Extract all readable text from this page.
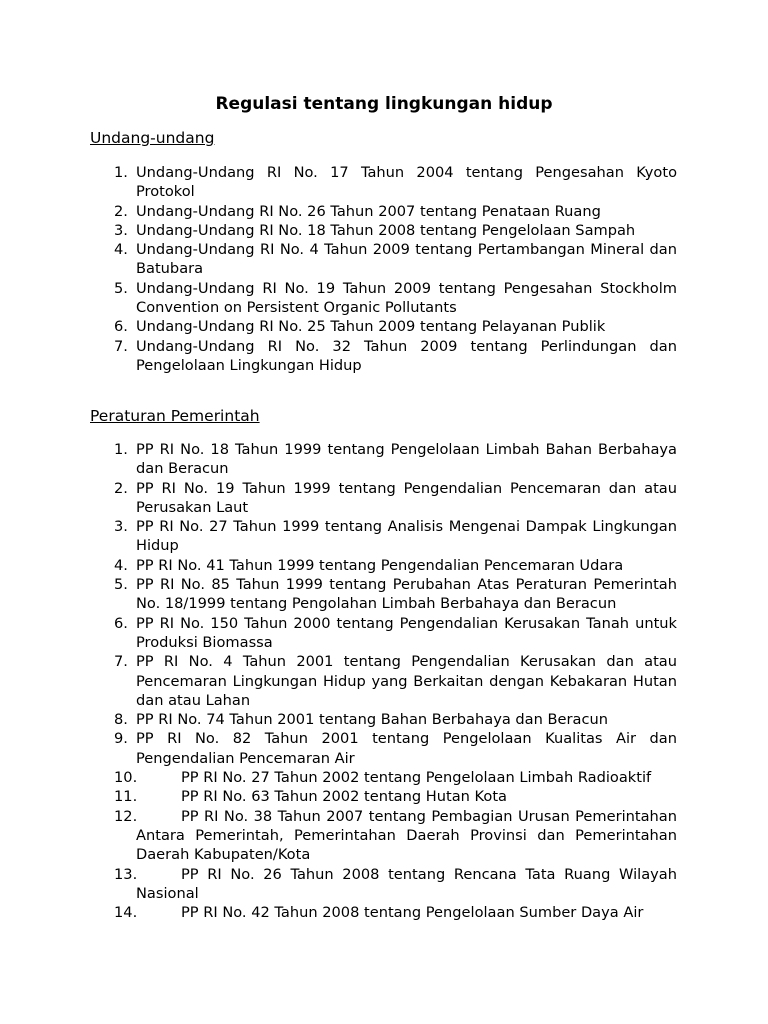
Regulasi tentang lingkungan hidup
Undang-undang
1. Undang-Undang RI No. 17 Tahun 2004 tentang Pengesahan Kyoto Protokol
2. Undang-Undang RI No. 26 Tahun 2007 tentang Penataan Ruang
3. Undang-Undang RI No. 18 Tahun 2008 tentang Pengelolaan Sampah
4. Undang-Undang RI No. 4 Tahun 2009 tentang Pertambangan Mineral dan Batubara
5. Undang-Undang RI No. 19 Tahun 2009 tentang Pengesahan Stockholm Convention on Persistent Organic Pollutants
6. Undang-Undang RI No. 25 Tahun 2009 tentang Pelayanan Publik
7. Undang-Undang RI No. 32 Tahun 2009 tentang Perlindungan dan Pengelolaan Lingkungan Hidup
Peraturan Pemerintah
1. PP RI No. 18 Tahun 1999 tentang Pengelolaan Limbah Bahan Berbahaya dan Beracun
2. PP RI No. 19 Tahun 1999 tentang Pengendalian Pencemaran dan atau Perusakan Laut
3. PP RI No. 27 Tahun 1999 tentang Analisis Mengenai Dampak Lingkungan Hidup
4. PP RI No. 41 Tahun 1999 tentang Pengendalian Pencemaran Udara
5. PP RI No. 85 Tahun 1999 tentang Perubahan Atas Peraturan Pemerintah No. 18/1999 tentang Pengolahan Limbah Berbahaya dan Beracun
6. PP RI No. 150 Tahun 2000 tentang Pengendalian Kerusakan Tanah untuk Produksi Biomassa
7. PP RI No. 4 Tahun 2001 tentang Pengendalian Kerusakan dan atau Pencemaran Lingkungan Hidup yang Berkaitan dengan Kebakaran Hutan dan atau Lahan
8. PP RI No. 74 Tahun 2001 tentang Bahan Berbahaya dan Beracun
9. PP RI No. 82 Tahun 2001 tentang Pengelolaan Kualitas Air dan Pengendalian Pencemaran Air
10.	PP RI No. 27 Tahun 2002 tentang Pengelolaan Limbah Radioaktif
11.	PP RI No. 63 Tahun 2002 tentang Hutan Kota
12.	PP RI No. 38 Tahun 2007 tentang Pembagian Urusan Pemerintahan Antara Pemerintah, Pemerintahan Daerah Provinsi dan Pemerintahan Daerah Kabupaten/Kota
13.	PP RI No. 26 Tahun 2008 tentang Rencana Tata Ruang Wilayah Nasional
14.	PP RI No. 42 Tahun 2008 tentang Pengelolaan Sumber Daya Air
